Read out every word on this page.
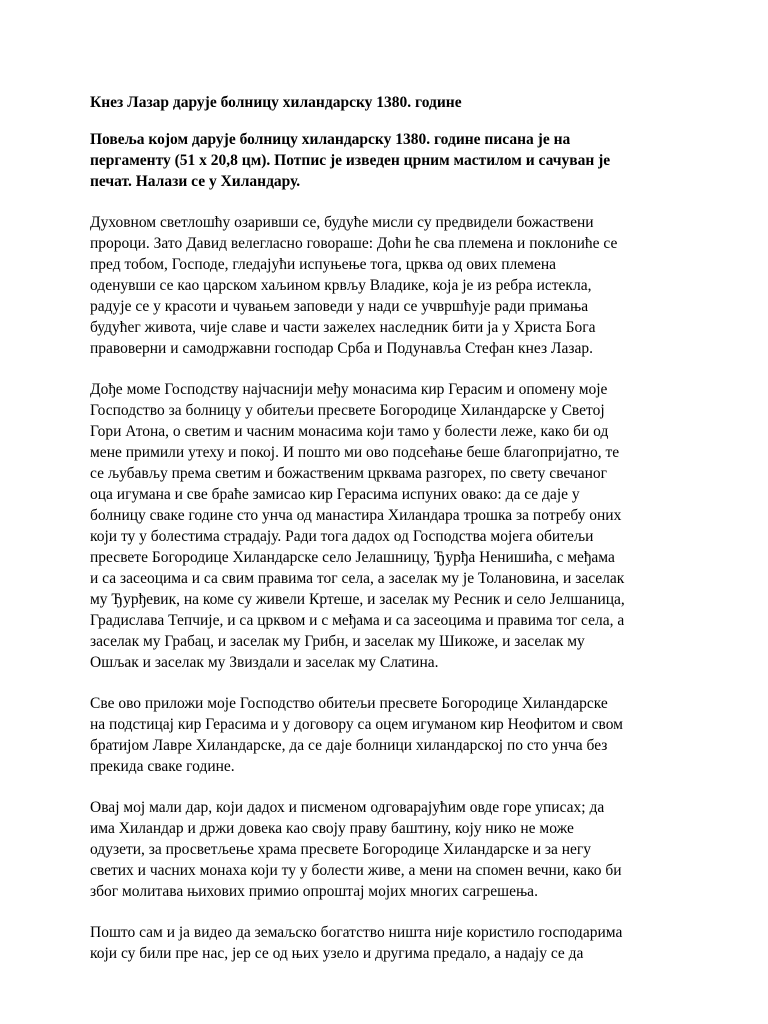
Кнез Лазар дарује болницу хиландарску 1380. године
Повеља којом дарује болницу хиландарску 1380. године писана је на
пергаменту (51 х 20,8 цм). Потпис је изведен црним мастилом и сачуван је
печат. Налази се у Хиландару.
Духовном светлошћу озаривши се, будуће мисли су предвидели божаствени
пророци. Зато Давид велегласно говораше: Доћи ће сва племена и поклониће се
пред тобом, Господе, гледајући испуњење тога, црква од ових племена
оденувши се као царском хаљином крвљу Владике, која је из ребра истекла,
радује се у красоти и чувањем заповеди у нади се учвршћује ради примања
будућег живота, чије славе и части зажелех наследник бити ја у Христа Бога
правоверни и самодржавни господар Срба и Подунавља Стефан кнез Лазар.
Дође моме Господству најчаснији међу монасима кир Герасим и опомену моје
Господство за болницу у обитељи пресвете Богородице Хиландарске у Светој
Гори Атона, о светим и часним монасима који тамо у болести леже, како би од
мене примили утеху и покој. И пошто ми ово подсећање беше благопријатно, те
се љубављу према светим и божаственим црквама разгорех, по свету свечаног
оца игумана и све браће замисао кир Герасима испуних овако: да се даје у
болницу сваке године сто унча од манастира Хиландара трошка за потребу оних
који ту у болестима страдају. Ради тога дадох од Господства мојега обитељи
пресвете Богородице Хиландарске село Јелашницу, Ђурђа Ненишића, с међама
и са засеоцима и са свим правима тог села, а заселак му је Толановина, и заселак
му Ђурђевик, на коме су живели Кртеше, и заселак му Ресник и село Јелшаница,
Градислава Тепчије, и са црквом и с међама и са засеоцима и правима тог села, а
заселак му Грабац, и заселак му Грибн, и заселак му Шикоже, и заселак му
Ошљак и заселак му Звиздали и заселак му Слатина.
Све ово приложи моје Господство обитељи пресвете Богородице Хиландарске
на подстицај кир Герасима и у договору са оцем игуманом кир Неофитом и свом
братијом Лавре Хиландарске, да се даје болници хиландарској по сто унча без
прекида сваке године.
Овај мој мали дар, који дадох и писменом одговарајућим овде горе уписах; да
има Хиландар и држи довека као своју праву баштину, коју нико не може
одузети, за просветљење храма пресвете Богородице Хиландарске и за негу
светих и часних монаха који ту у болести живе, а мени на спомен вечни, како би
због молитава њихових примио опроштај мојих многих сагрешења.
Пошто сам и ја видео да земаљско богатство ништа није користило господарима
који су били пре нас, јер се од њих узело и другима предало, а надају се да
